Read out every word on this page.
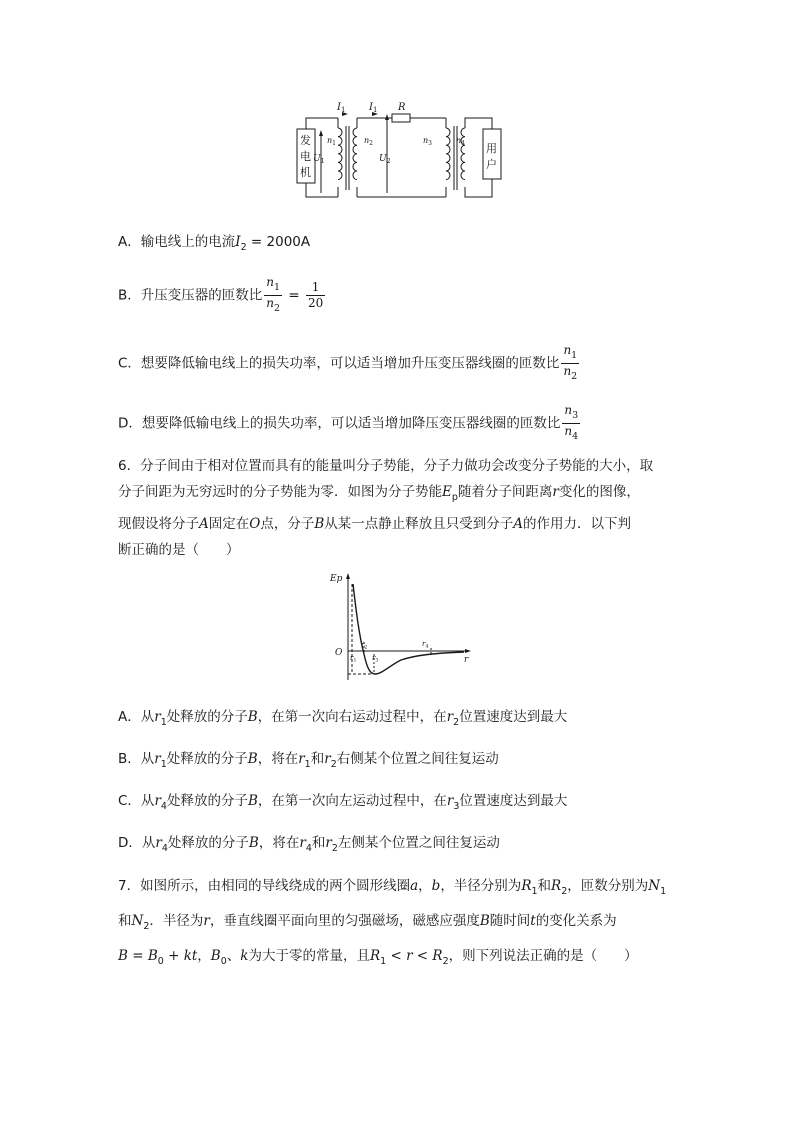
$I_1$ $I_1$ R
$n_1$	$n_2$	$n_3$	$n_4$
$U_1$	$U_2$
发
电
机
用
户
A．输电线上的电流$I_2 = 2000A$
B．升压变压器的匝数比 $\frac{n_1}{n_2} = \frac{1}{20}$
C．想要降低输电线上的损失功率，可以适当增加升压变压器线圈的匝数比 $\frac{n_1}{n_2}$
D．想要降低输电线上的损失功率，可以适当增加降压变压器线圈的匝数比 $\frac{n_3}{n_4}$
6．分子间由于相对位置而具有的能量叫分子势能，分子力做功会改变分子势能的大小，取
分子间距为无穷远时的分子势能为零．如图为分子势能$E_p$随着分子间距离r变化的图像，
现假设将分子A固定在O点，分子B从某一点静止释放且只受到分子A的作用力．以下判
断正确的是（　　）
Ep
r
O $r_1$
$r_2$
$r_3$
$r_4$
A．从$r_1$处释放的分子B，在第一次向右运动过程中，在$r_2$位置速度达到最大
B．从$r_1$处释放的分子B，将在$r_1$和$r_2$右侧某个位置之间往复运动
C．从$r_4$处释放的分子B，在第一次向左运动过程中，在$r_3$位置速度达到最大
D．从$r_4$处释放的分子B，将在$r_4$和$r_2$左侧某个位置之间往复运动
7．如图所示，由相同的导线绕成的两个圆形线圈a，b，半径分别为$R_1$和$R_2$，匝数分别为$N_1$
和$N_2$．半径为r，垂直线圈平面向里的匀强磁场，磁感应强度B随时间t的变化关系为
$B = B_0$ + kt，$B_0$、k为大于零的常量，且$R_1 < r < R_2$，则下列说法正确的是（　　）
